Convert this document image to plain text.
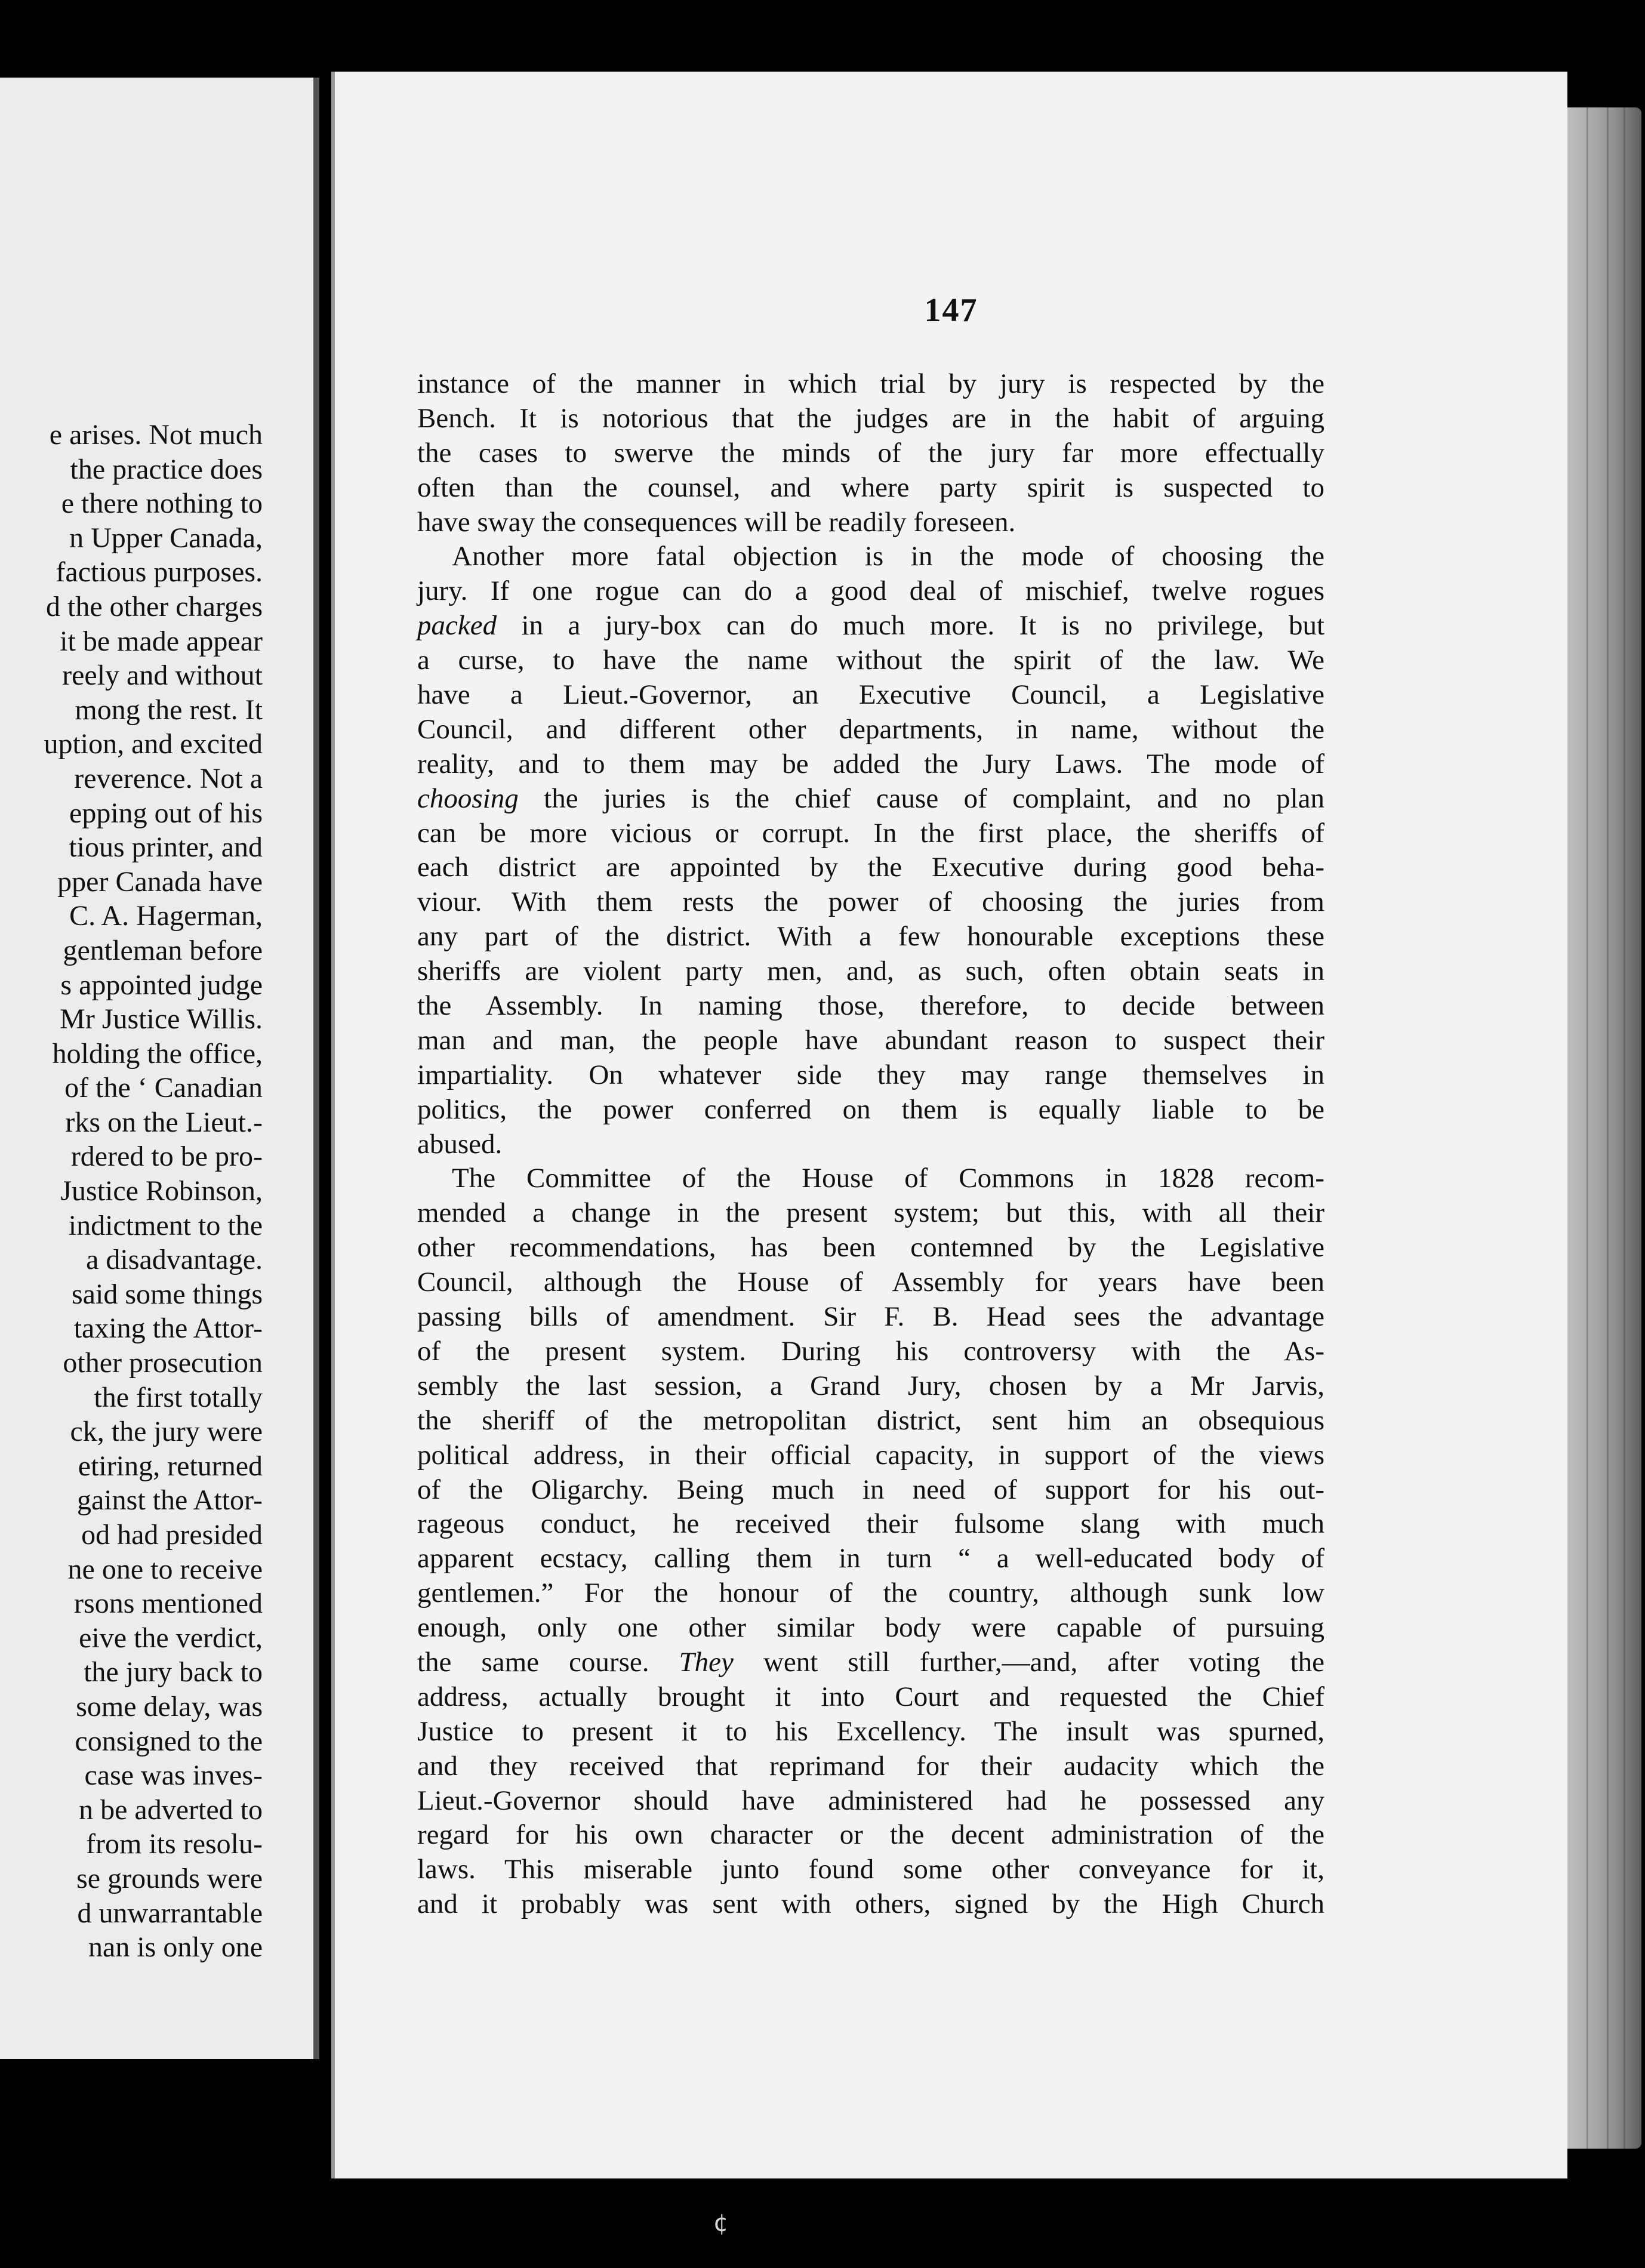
e arises. Not much
the practice does
e there nothing to
n Upper Canada,
factious purposes.
d the other charges
it be made appear
reely and without
mong the rest. It
uption, and excited
reverence. Not a
epping out of his
tious printer, and
pper Canada have
C. A. Hagerman,
gentleman before
s appointed judge
Mr Justice Willis.
holding the office,
of the ‘ Canadian
rks on the Lieut.-
rdered to be pro-
Justice Robinson,
indictment to the
a disadvantage.
said some things
taxing the Attor-
other prosecution
the first totally
ck, the jury were
etiring, returned
gainst the Attor-
od had presided
ne one to receive
rsons mentioned
eive the verdict,
the jury back to
some delay, was
consigned to the
case was inves-
n be adverted to
from its resolu-
se grounds were
d unwarrantable
nan is only one
147
instance of the manner in which trial by jury is respected by the
Bench. It is notorious that the judges are in the habit of arguing
the cases to swerve the minds of the jury far more effectually
often than the counsel, and where party spirit is suspected to
have sway the consequences will be readily foreseen.
Another more fatal objection is in the mode of choosing the
jury. If one rogue can do a good deal of mischief, twelve rogues
packed in a jury-box can do much more. It is no privilege, but
a curse, to have the name without the spirit of the law. We
have a Lieut.-Governor, an Executive Council, a Legislative
Council, and different other departments, in name, without the
reality, and to them may be added the Jury Laws. The mode of
choosing the juries is the chief cause of complaint, and no plan
can be more vicious or corrupt. In the first place, the sheriffs of
each district are appointed by the Executive during good beha-
viour. With them rests the power of choosing the juries from
any part of the district. With a few honourable exceptions these
sheriffs are violent party men, and, as such, often obtain seats in
the Assembly. In naming those, therefore, to decide between
man and man, the people have abundant reason to suspect their
impartiality. On whatever side they may range themselves in
politics, the power conferred on them is equally liable to be
abused.
The Committee of the House of Commons in 1828 recom-
mended a change in the present system; but this, with all their
other recommendations, has been contemned by the Legislative
Council, although the House of Assembly for years have been
passing bills of amendment. Sir F. B. Head sees the advantage
of the present system. During his controversy with the As-
sembly the last session, a Grand Jury, chosen by a Mr Jarvis,
the sheriff of the metropolitan district, sent him an obsequious
political address, in their official capacity, in support of the views
of the Oligarchy. Being much in need of support for his out-
rageous conduct, he received their fulsome slang with much
apparent ecstacy, calling them in turn “ a well-educated body of
gentlemen.” For the honour of the country, although sunk low
enough, only one other similar body were capable of pursuing
the same course. They went still further,—and, after voting the
address, actually brought it into Court and requested the Chief
Justice to present it to his Excellency. The insult was spurned,
and they received that reprimand for their audacity which the
Lieut.-Governor should have administered had he possessed any
regard for his own character or the decent administration of the
laws. This miserable junto found some other conveyance for it,
and it probably was sent with others, signed by the High Church
¢
